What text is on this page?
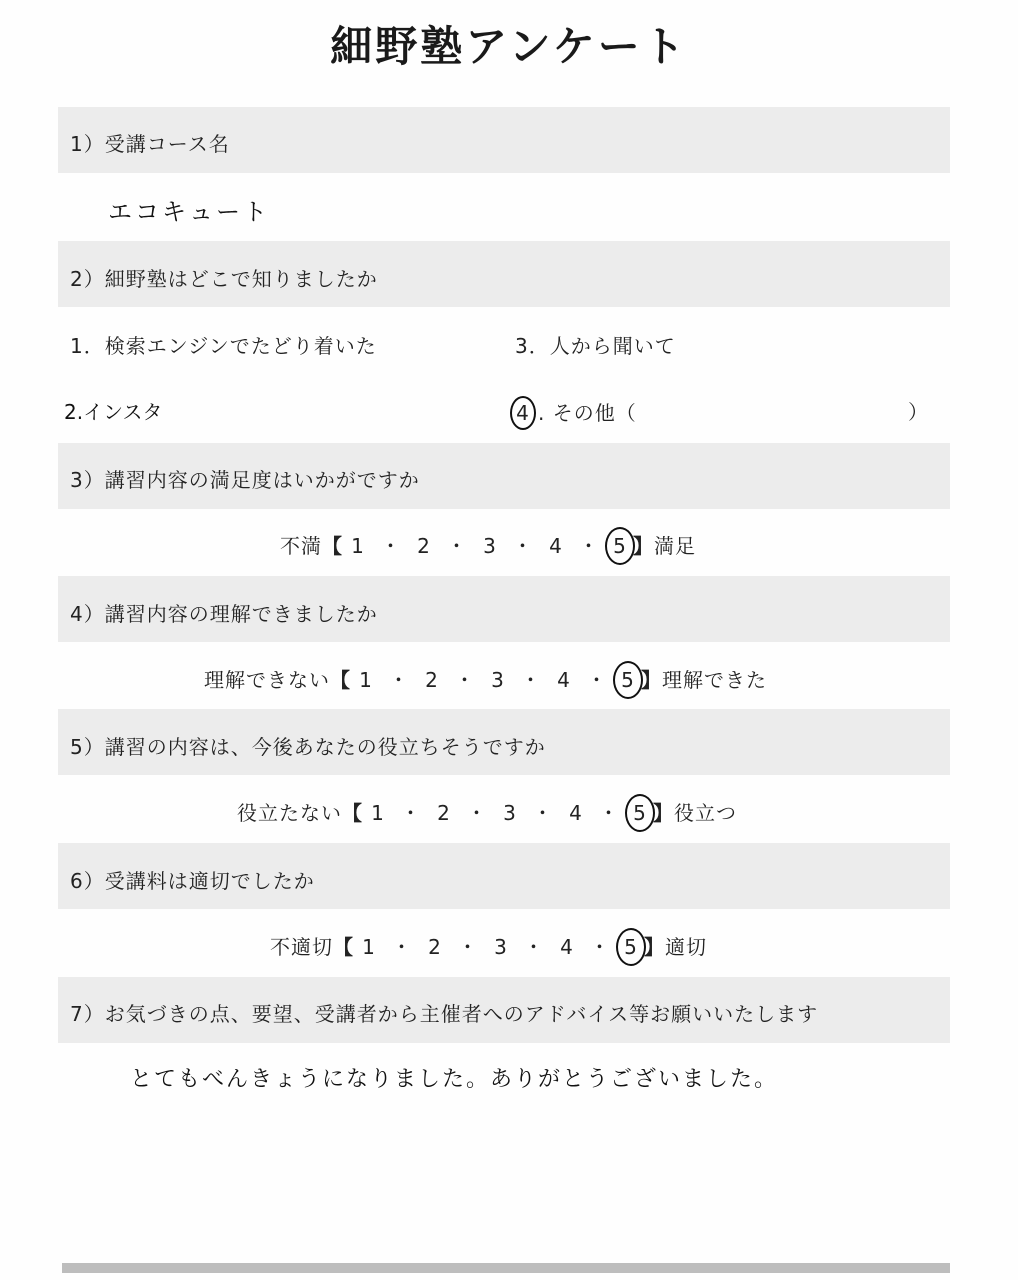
細野塾アンケート
1）受講コース名
エコキュート
2）細野塾はどこで知りましたか
1．検索エンジンでたどり着いた	3．人から聞いて
2.インスタ	4 . その他（	）
3）講習内容の満足度はいかがですか
不満【 1 ・ 2 ・ 3 ・ 4 ・ 5 】満足
4）講習内容の理解できましたか
理解できない【 1 ・ 2 ・ 3 ・ 4 ・ 5 】理解できた
5）講習の内容は、今後あなたの役立ちそうですか
役立たない【 1 ・ 2 ・ 3 ・ 4 ・ 5 】役立つ
6）受講料は適切でしたか
不適切【 1 ・ 2 ・ 3 ・ 4 ・ 5 】適切
7）お気づきの点、要望、受講者から主催者へのアドバイス等お願いいたします
とてもべんきょうになりました。ありがとうございました。
